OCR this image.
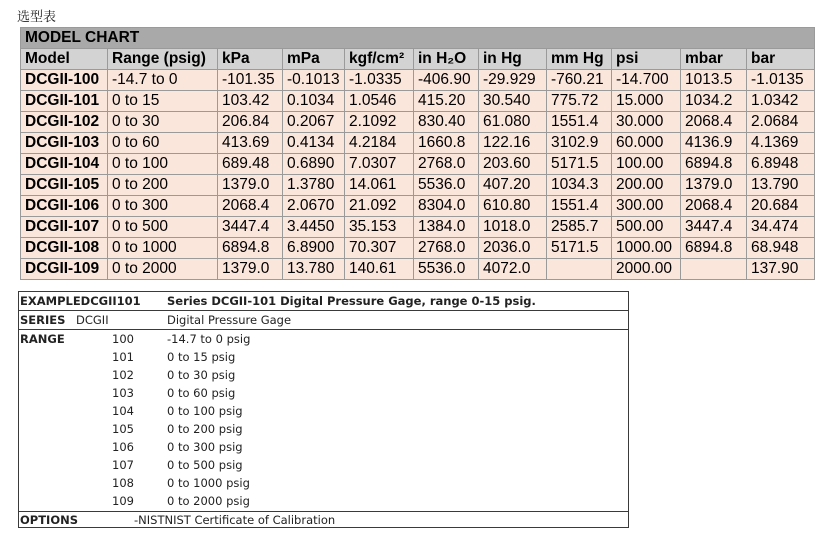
选型表
MODEL CHART										
Model	Range (psig)	kPa	mPa	kgf/cm²	in H₂O	in Hg	mm Hg	psi	mbar	bar
DCGII-100	-14.7 to 0	-101.35	-0.1013	-1.0335	-406.90	-29.929	-760.21	-14.700	1013.5	-1.0135
DCGII-101	0 to 15	103.42	0.1034	1.0546	415.20	30.540	775.72	15.000	1034.2	1.0342
DCGII-102	0 to 30	206.84	0.2067	2.1092	830.40	61.080	1551.4	30.000	2068.4	2.0684
DCGII-103	0 to 60	413.69	0.4134	4.2184	1660.8	122.16	3102.9	60.000	4136.9	4.1369
DCGII-104	0 to 100	689.48	0.6890	7.0307	2768.0	203.60	5171.5	100.00	6894.8	6.8948
DCGII-105	0 to 200	1379.0	1.3780	14.061	5536.0	407.20	1034.3	200.00	1379.0	13.790
DCGII-106	0 to 300	2068.4	2.0670	21.092	8304.0	610.80	1551.4	300.00	2068.4	20.684
DCGII-107	0 to 500	3447.4	3.4450	35.153	1384.0	1018.0	2585.7	500.00	3447.4	34.474
DCGII-108	0 to 1000	6894.8	6.8900	70.307	2768.0	2036.0	5171.5	1000.00	6894.8	68.948
DCGII-109	0 to 2000	1379.0	13.780	140.61	5536.0	4072.0		2000.00		137.90
EXAMPLEDCGII101 Series DCGII-101 Digital Pressure Gage, range 0-15 psig.
SERIES DCGII	Digital Pressure Gage
RANGE	100	-14.7 to 0 psig
101	0 to 15 psig
102	0 to 30 psig
103	0 to 60 psig
104	0 to 100 psig
105	0 to 200 psig
106	0 to 300 psig
107	0 to 500 psig
108	0 to 1000 psig
109	0 to 2000 psig
OPTIONS	-NISTNIST Certificate of Calibration
